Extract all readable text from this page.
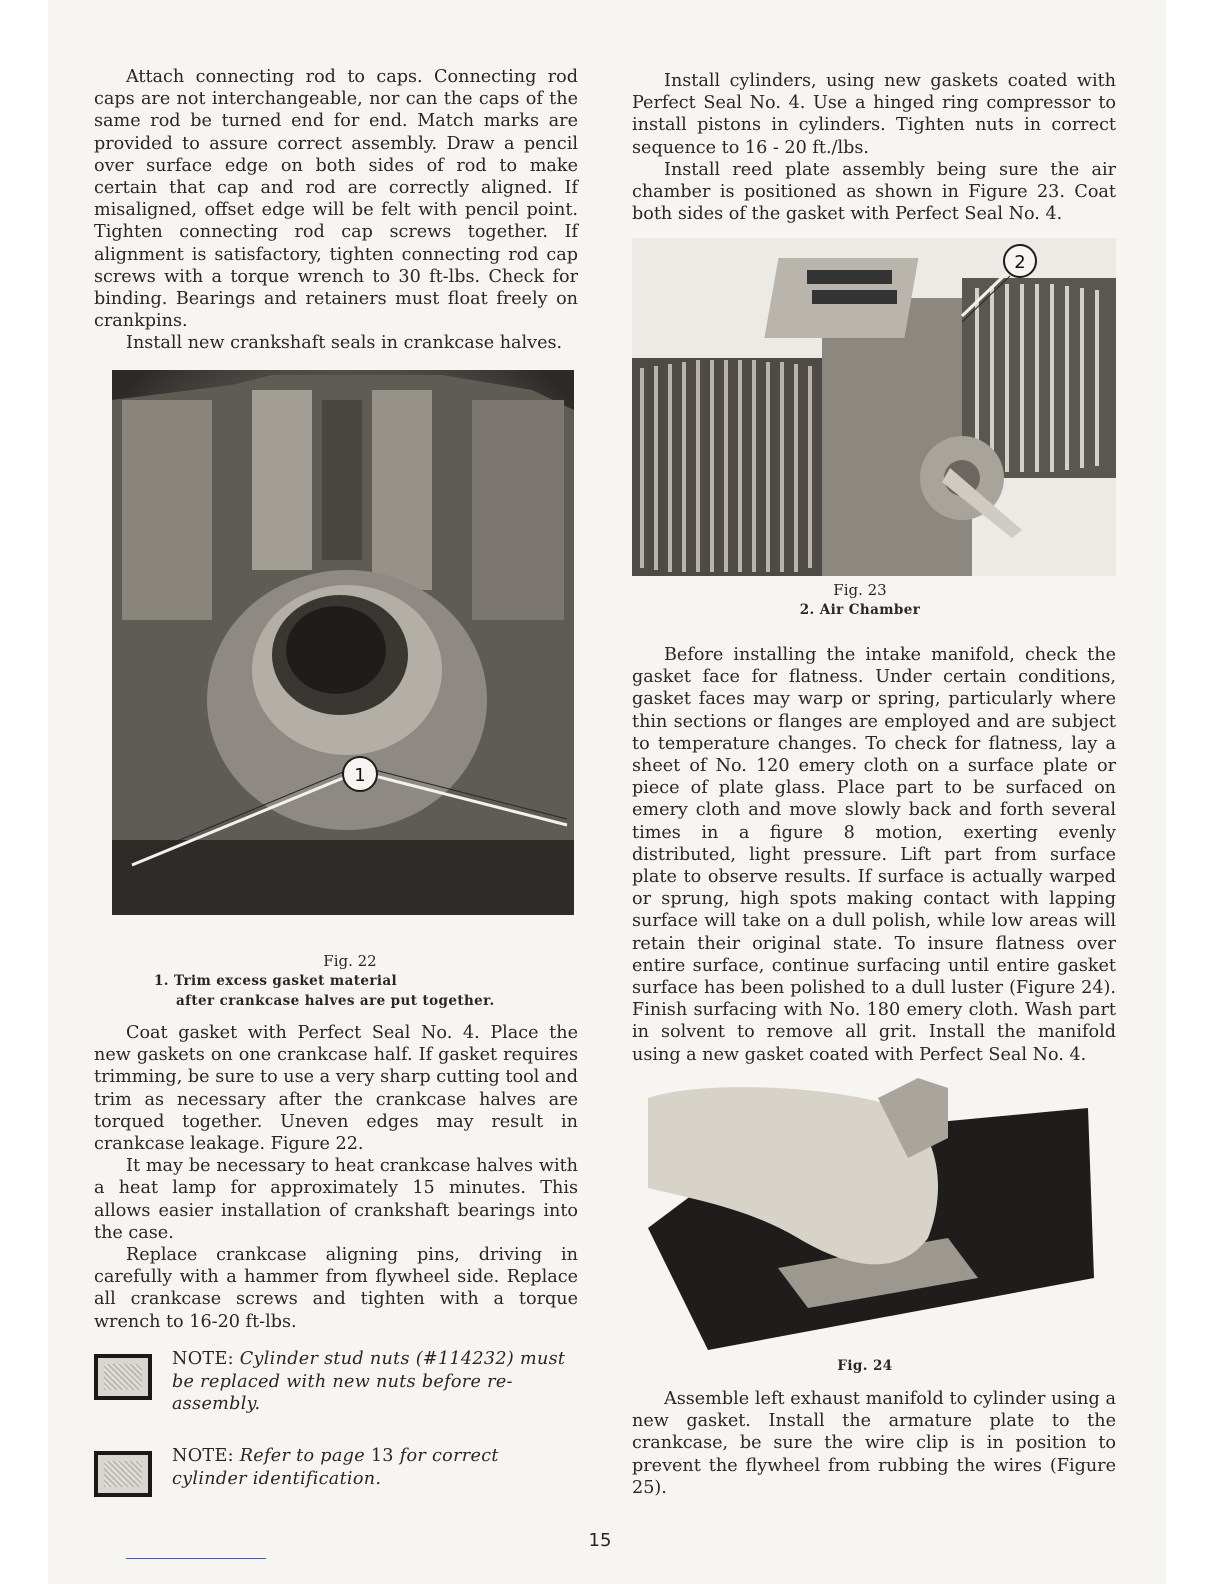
Attach connecting rod to caps. Connecting rod caps are not interchangeable, nor can the caps of the same rod be turned end for end. Match marks are provided to assure correct assembly. Draw a pencil over surface edge on both sides of rod to make certain that cap and rod are correctly aligned. If misaligned, offset edge will be felt with pencil point. Tighten connecting rod cap screws together. If alignment is satisfactory, tighten connecting rod cap screws with a torque wrench to 30 ft-lbs. Check for binding. Bearings and retainers must float freely on crankpins.

Install new crankshaft seals in crankcase halves.

1
Fig. 22
1. Trim excess gasket material
after crankcase halves are put together.

Coat gasket with Perfect Seal No. 4. Place the new gaskets on one crankcase half. If gasket requires trimming, be sure to use a very sharp cutting tool and trim as necessary after the crankcase halves are torqued together. Uneven edges may result in crankcase leakage. Figure 22.

It may be necessary to heat crankcase halves with a heat lamp for approximately 15 minutes. This allows easier installation of crankshaft bearings into the case.

Replace crankcase aligning pins, driving in carefully with a hammer from flywheel side. Replace all crankcase screws and tighten with a torque wrench to 16-20 ft-lbs.

NOTE: Cylinder stud nuts (#114232) must be replaced with new nuts before re-assembly.
NOTE: Refer to page 13 for correct cylinder identification.

Install cylinders, using new gaskets coated with Perfect Seal No. 4. Use a hinged ring compressor to install pistons in cylinders. Tighten nuts in correct sequence to 16 - 20 ft./lbs.

Install reed plate assembly being sure the air chamber is positioned as shown in Figure 23. Coat both sides of the gasket with Perfect Seal No. 4.

2
Fig. 23
2. Air Chamber

Before installing the intake manifold, check the gasket face for flatness. Under certain conditions, gasket faces may warp or spring, particularly where thin sections or flanges are employed and are subject to temperature changes. To check for flatness, lay a sheet of No. 120 emery cloth on a surface plate or piece of plate glass. Place part to be surfaced on emery cloth and move slowly back and forth several times in a figure 8 motion, exerting evenly distributed, light pressure. Lift part from surface plate to observe results. If surface is actually warped or sprung, high spots making contact with lapping surface will take on a dull polish, while low areas will retain their original state. To insure flatness over entire surface, continue surfacing until entire gasket surface has been polished to a dull luster (Figure 24). Finish surfacing with No. 180 emery cloth. Wash part in solvent to remove all grit. Install the manifold using a new gasket coated with Perfect Seal No. 4.

Fig. 24

Assemble left exhaust manifold to cylinder using a new gasket. Install the armature plate to the crankcase, be sure the wire clip is in position to prevent the flywheel from rubbing the wires (Figure 25).

15
